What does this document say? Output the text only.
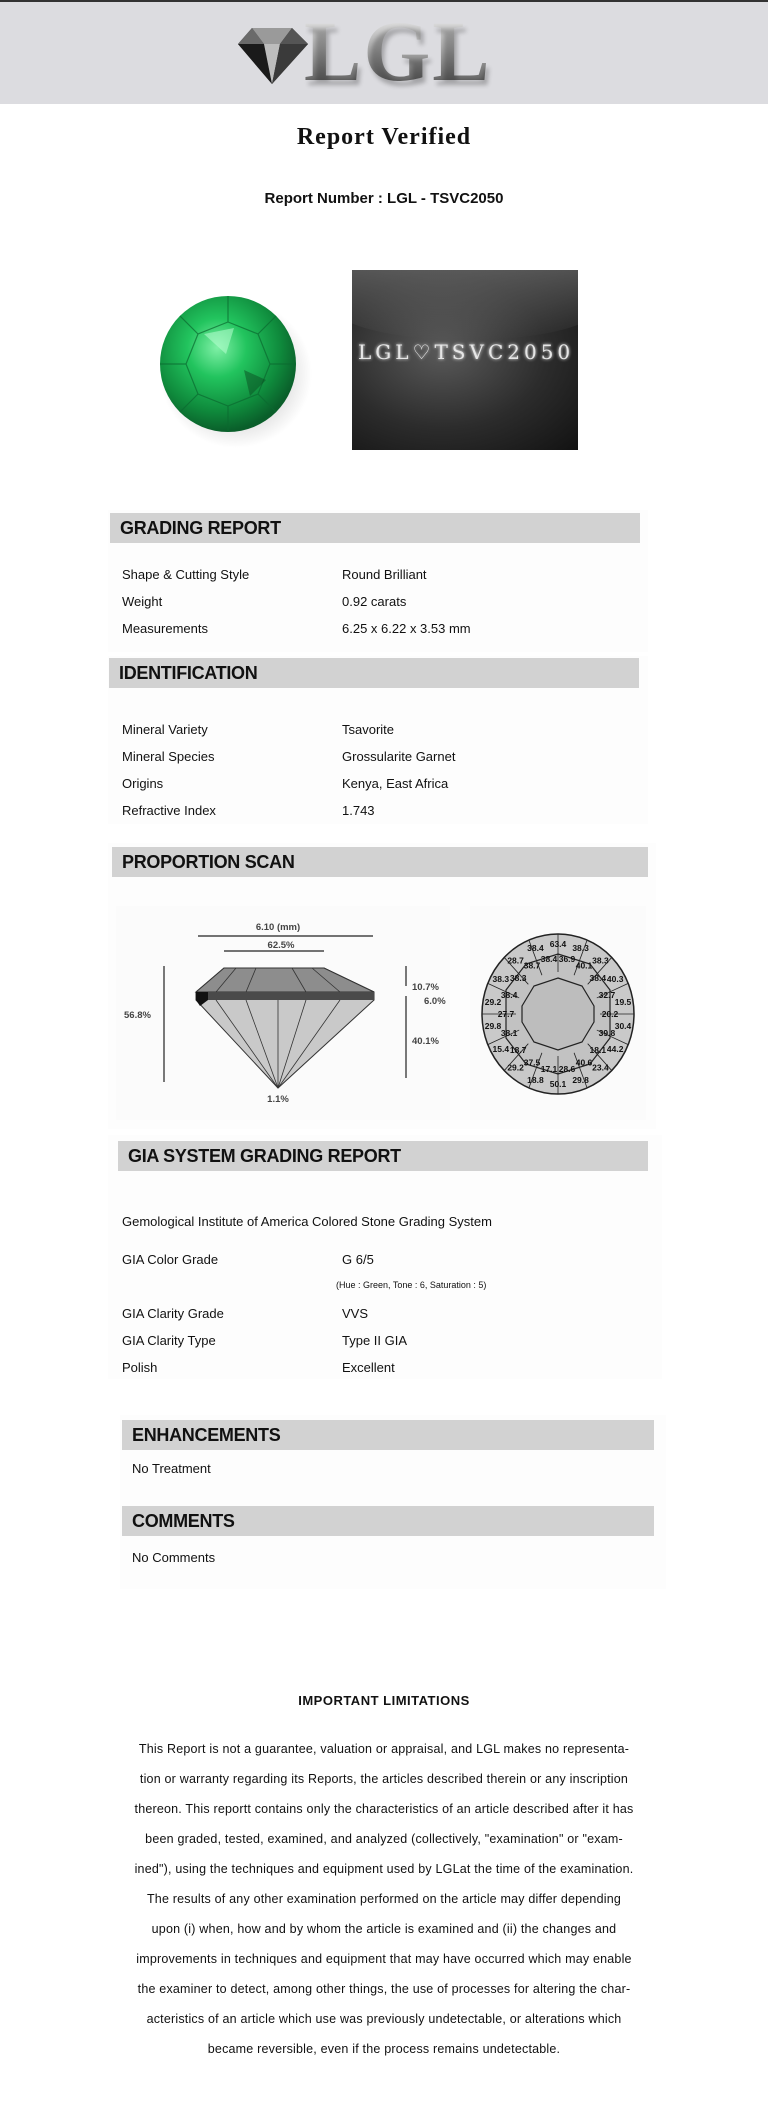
LGL
Report Verified
Report Number : LGL - TSVC2050
LGL♡TSVC2050
GRADING REPORT
Shape & Cutting Style	Round Brilliant
Weight	0.92 carats
Measurements	6.25 x 6.22 x 3.53 mm
IDENTIFICATION
Mineral Variety	Tsavorite
Mineral Species	Grossularite Garnet
Origins	Kenya, East Africa
Refractive Index	1.743
PROPORTION SCAN
6.10 (mm)
62.5%
56.8%
10.7%
6.0%
40.1%
1.1%
63.4
36.9
38.3
40.1
38.3
38.4 40.3
32.7
19.5
20.2
30.4
39.8
44.2
18.1
23.4
40.6
29.8
28.6
50.1
17.1
18.8
37.5
29.2
18.7
15.4
38.1
29.8
27.7
29.2
38.4
38.3 38.3
28.7
38.7
38.4
38.4
GIA SYSTEM GRADING REPORT
Gemological Institute of America Colored Stone Grading System
GIA Color Grade	G 6/5
(Hue : Green, Tone : 6, Saturation : 5)
GIA Clarity Grade	VVS
GIA Clarity Type	Type II GIA
Polish	Excellent
ENHANCEMENTS
No Treatment
COMMENTS
No Comments
IMPORTANT LIMITATIONS
This Report is not a guarantee, valuation or appraisal, and LGL makes no representa-
tion or warranty regarding its Reports, the articles described therein or any inscription
thereon. This reportt contains only the characteristics of an article described after it has
been graded, tested, examined, and analyzed (collectively, "examination" or "exam-
ined"), using the techniques and equipment used by LGLat the time of the examination.
The results of any other examination performed on the article may differ depending
upon (i) when, how and by whom the article is examined and (ii) the changes and
improvements in techniques and equipment that may have occurred which may enable
the examiner to detect, among other things, the use of processes for altering the char-
acteristics of an article which use was previously undetectable, or alterations which
became reversible, even if the process remains undetectable.
